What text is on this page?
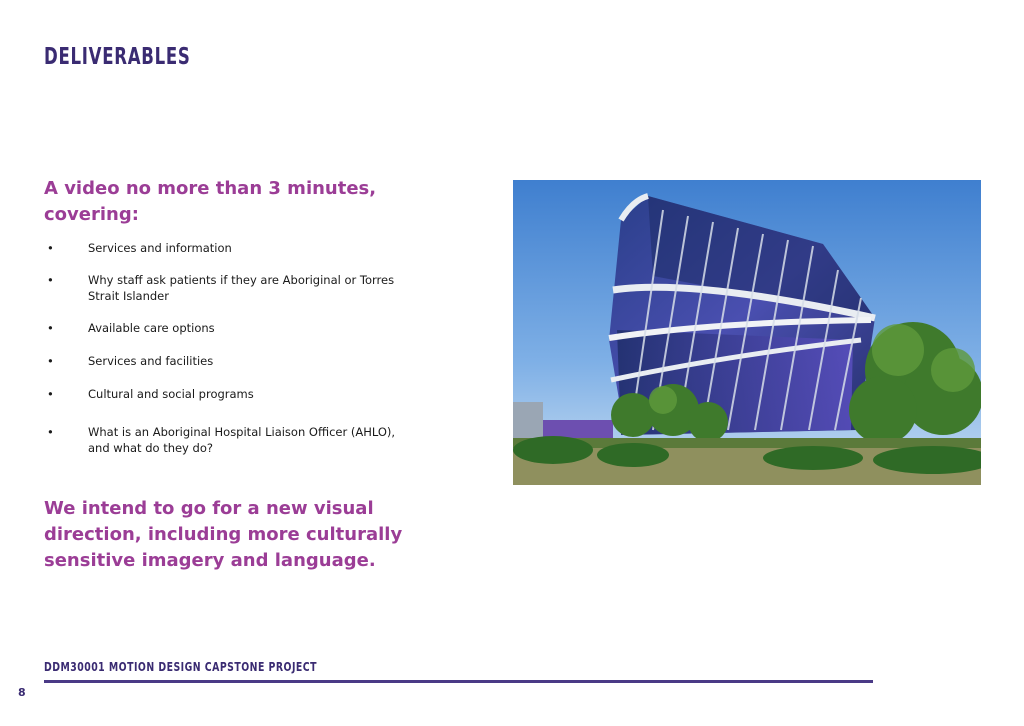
DELIVERABLES

A video no more than 3 minutes, covering:

•	Services and information
•	Why staff ask patients if they are Aboriginal or Torres Strait Islander
•	Available care options
•	Services and facilities
•	Cultural and social programs
•	What is an Aboriginal Hospital Liaison Officer (AHLO), and what do they do?

We intend to go for a new visual direction, including more culturally sensitive imagery and language.

DDM30001 MOTION DESIGN CAPSTONE PROJECT
8
